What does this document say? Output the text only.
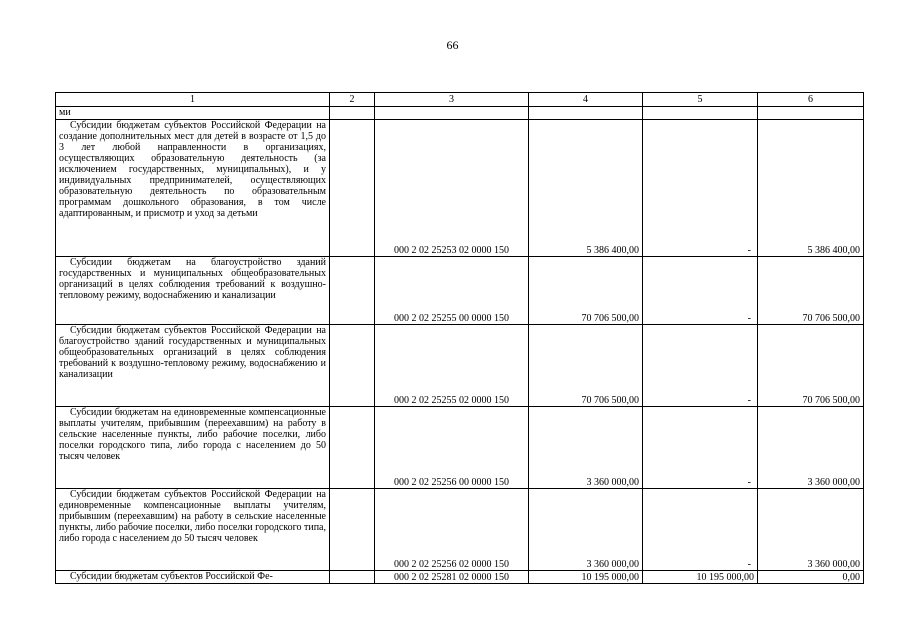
66
1	2	3	4	5	6
ми					
Субсидии бюджетам субъектов Российской Федерации на создание дополнительных мест для детей в возрасте от 1,5 до 3 лет любой направленности в организациях, осуществляющих образовательную деятельность (за исключением государственных, муниципальных), и у индивидуальных предпринимателей, осуществляющих образовательную деятельность по образовательным программам дошкольного образования, в том числе адаптированным, и присмотр и уход за детьми		000 2 02 25253 02 0000 150	5 386 400,00	-	5 386 400,00
Субсидии бюджетам на благоустройство зданий государственных и муниципальных общеобразовательных организаций в целях соблюдения требований к воздушно-тепловому режиму, водоснабжению и канализации		000 2 02 25255 00 0000 150	70 706 500,00	-	70 706 500,00
Субсидии бюджетам субъектов Российской Федерации на благоустройство зданий государственных и муниципальных общеобразовательных организаций в целях соблюдения требований к воздушно-тепловому режиму, водоснабжению и канализации		000 2 02 25255 02 0000 150	70 706 500,00	-	70 706 500,00
Субсидии бюджетам на единовременные компенсационные выплаты учителям, прибывшим (переехавшим) на работу в сельские населенные пункты, либо рабочие поселки, либо поселки городского типа, либо города с населением до 50 тысяч человек		000 2 02 25256 00 0000 150	3 360 000,00	-	3 360 000,00
Субсидии бюджетам субъектов Российской Федерации на единовременные компенсационные выплаты учителям, прибывшим (переехавшим) на работу в сельские населенные пункты, либо рабочие поселки, либо поселки городского типа, либо города с населением до 50 тысяч человек		000 2 02 25256 02 0000 150	3 360 000,00	-	3 360 000,00
Субсидии бюджетам субъектов Российской Фе-		000 2 02 25281 02 0000 150	10 195 000,00	10 195 000,00	0,00
